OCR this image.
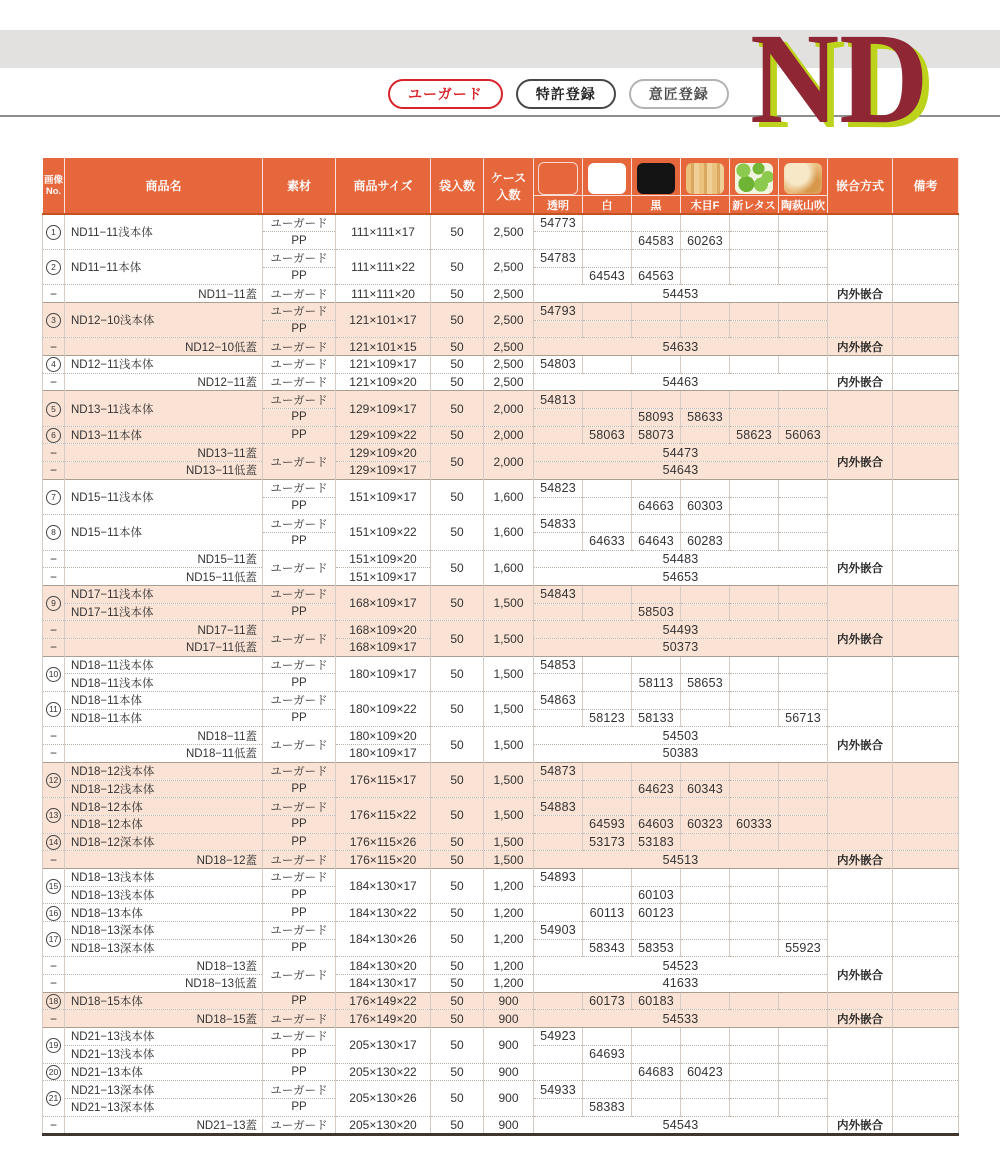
ユーガード	特許登録	意匠登録 ND
画像
No.	商品名	素材	商品サイズ	袋入数	ケース
入数							嵌合方式	備考
						透明	白	黒	木目F	新レタス	陶萩山吹		
1	ND11−11浅本体	ユーガード	111×111×17	50	2,500	54773							
		PP						64583	60263				
2	ND11−11本体	ユーガード	111×111×22	50	2,500	54783							
		PP					64543	64563					
−	ND11−11蓋	ユーガード	111×111×20	50	2,500	54453						内外嵌合	
3	ND12−10浅本体	ユーガード	121×101×17	50	2,500	54793							
		PP											
−	ND12−10低蓋	ユーガード	121×101×15	50	2,500	54633						内外嵌合	
4	ND12−11浅本体	ユーガード	121×109×17	50	2,500	54803							
−	ND12−11蓋	ユーガード	121×109×20	50	2,500	54463						内外嵌合	
5	ND13−11浅本体	ユーガード	129×109×17	50	2,000	54813							
		PP						58093	58633				
6	ND13−11本体	PP	129×109×22	50	2,000		58063	58073		58623	56063		
−	ND13−11蓋	ユーガード	129×109×20	50	2,000	54473						内外嵌合	
−	ND13−11低蓋		129×109×17			54643							
7	ND15−11浅本体	ユーガード	151×109×17	50	1,600	54823							
		PP						64663	60303				
8	ND15−11本体	ユーガード	151×109×22	50	1,600	54833							
		PP					64633	64643	60283				
−	ND15−11蓋	ユーガード	151×109×20	50	1,600	54483						内外嵌合	
−	ND15−11低蓋		151×109×17			54653							
9	ND17−11浅本体	ユーガード	168×109×17	50	1,500	54843							
	ND17−11浅本体	PP						58503					
−	ND17−11蓋	ユーガード	168×109×20	50	1,500	54493						内外嵌合	
−	ND17−11低蓋		168×109×17			50373							
10	ND18−11浅本体	ユーガード	180×109×17	50	1,500	54853							
	ND18−11浅本体	PP						58113	58653				
11	ND18−11本体	ユーガード	180×109×22	50	1,500	54863							
	ND18−11本体	PP					58123	58133			56713		
−	ND18−11蓋	ユーガード	180×109×20	50	1,500	54503						内外嵌合	
−	ND18−11低蓋		180×109×17			50383							
12	ND18−12浅本体	ユーガード	176×115×17	50	1,500	54873							
	ND18−12浅本体	PP						64623	60343				
13	ND18−12本体	ユーガード	176×115×22	50	1,500	54883							
	ND18−12本体	PP					64593	64603	60323	60333			
14	ND18−12深本体	PP	176×115×26	50	1,500		53173	53183					
−	ND18−12蓋	ユーガード	176×115×20	50	1,500	54513						内外嵌合	
15	ND18−13浅本体	ユーガード	184×130×17	50	1,200	54893							
	ND18−13浅本体	PP						60103					
16	ND18−13本体	PP	184×130×22	50	1,200		60113	60123					
17	ND18−13深本体	ユーガード	184×130×26	50	1,200	54903							
	ND18−13深本体	PP					58343	58353			55923		
−	ND18−13蓋	ユーガード	184×130×20	50	1,200	54523						内外嵌合	
−	ND18−13低蓋		184×130×17	50	1,200	41633							
18	ND18−15本体	PP	176×149×22	50	900		60173	60183					
−	ND18−15蓋	ユーガード	176×149×20	50	900	54533						内外嵌合	
19	ND21−13浅本体	ユーガード	205×130×17	50	900	54923							
	ND21−13浅本体	PP					64693						
20	ND21−13本体	PP	205×130×22	50	900			64683	60423				
21	ND21−13深本体	ユーガード	205×130×26	50	900	54933							
	ND21−13深本体	PP					58383						
−	ND21−13蓋	ユーガード	205×130×20	50	900	54543						内外嵌合	
